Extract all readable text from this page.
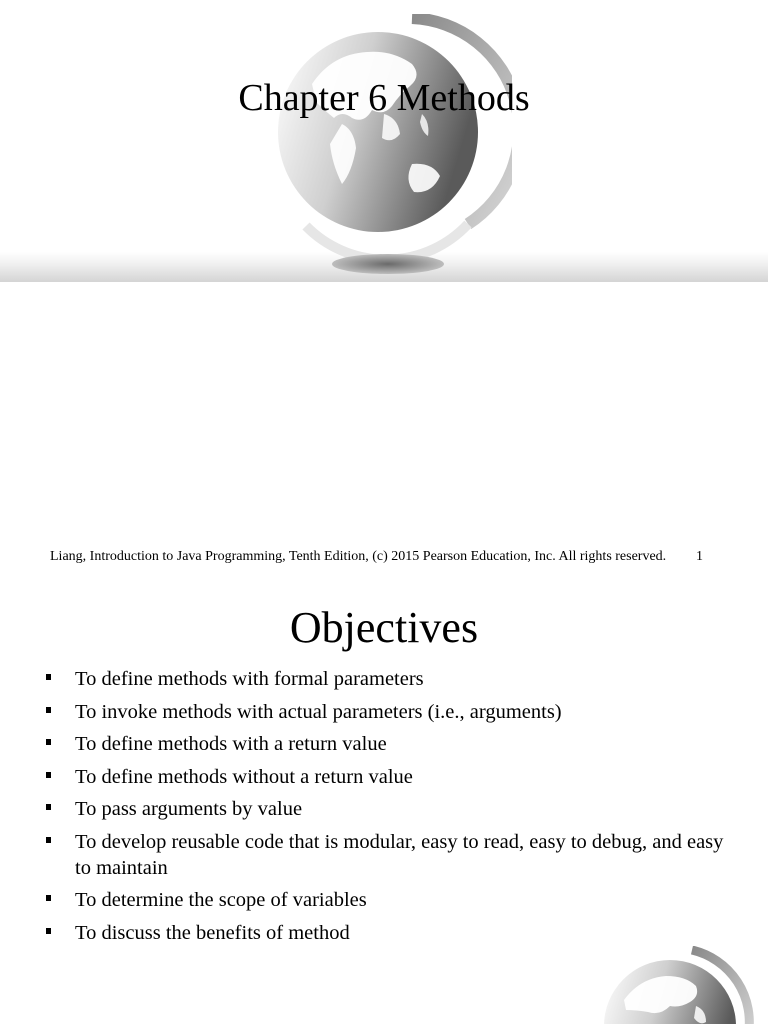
Chapter 6 Methods
Liang, Introduction to Java Programming, Tenth Edition, (c) 2015 Pearson Education, Inc. All rights reserved.	1
Objectives
To define methods with formal parameters
To invoke methods with actual parameters (i.e., arguments)
To define methods with a return value
To define methods without a return value
To pass arguments by value
To develop reusable code that is modular, easy to read, easy to debug, and easy to maintain
To determine the scope of variables
To discuss the benefits of method
